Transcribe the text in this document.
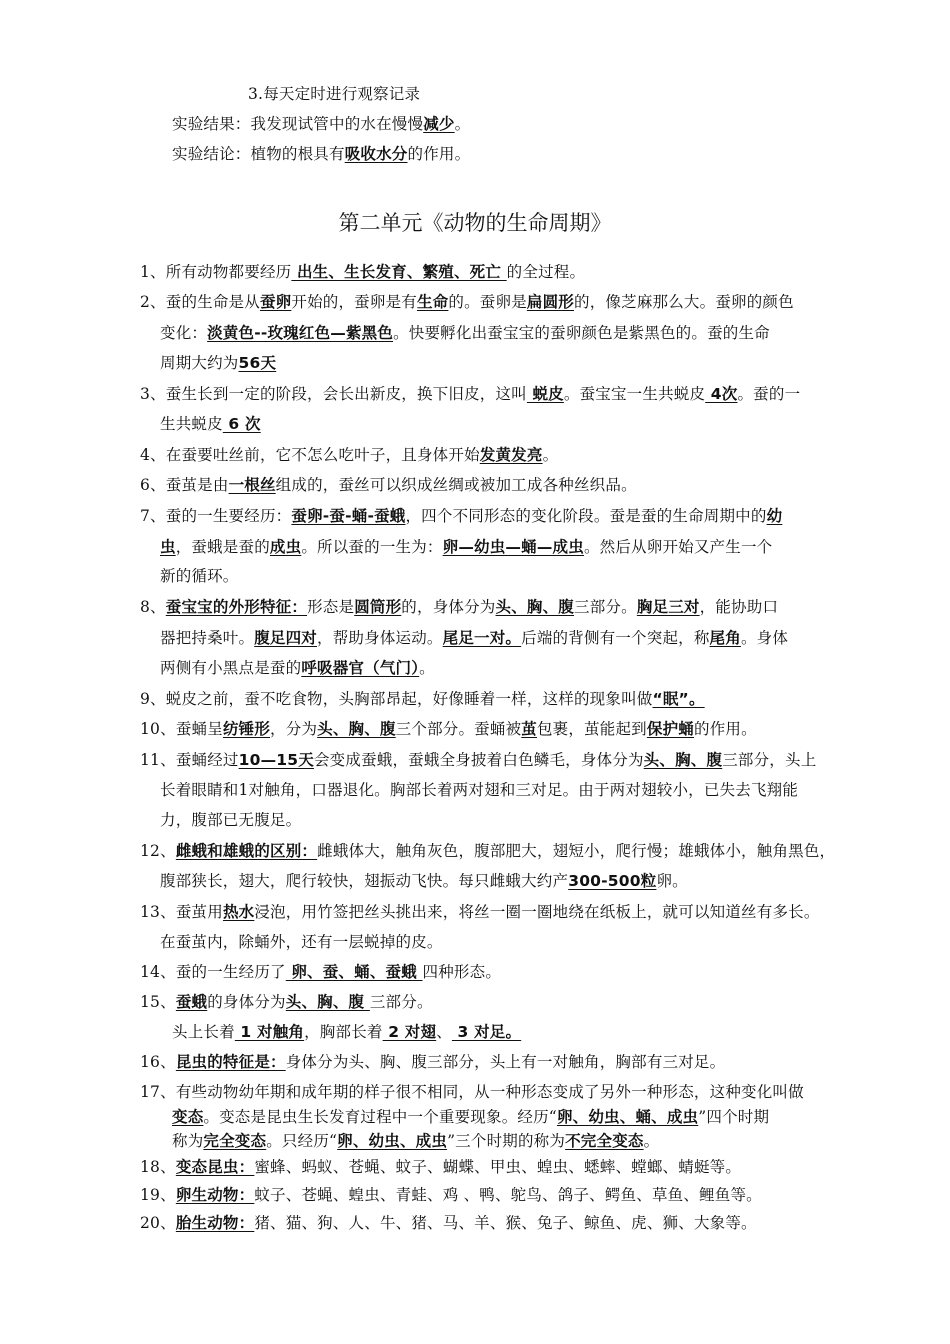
3.每天定时进行观察记录
实验结果：我发现试管中的水在慢慢减少。
实验结论：植物的根具有吸收水分的作用。
第二单元《动物的生命周期》
1、所有动物都要经历 出生、生长发育、繁殖、死亡 的全过程。
2、蚕的生命是从蚕卵开始的，蚕卵是有生命的。蚕卵是扁圆形的，像芝麻那么大。蚕卵的颜色
变化：淡黄色--玫瑰红色—紫黑色。快要孵化出蚕宝宝的蚕卵颜色是紫黑色的。蚕的生命
周期大约为56天
3、蚕生长到一定的阶段，会长出新皮，换下旧皮，这叫 蜕皮。蚕宝宝一生共蜕皮 4次。蚕的一
生共蜕皮 6 次
4、在蚕要吐丝前，它不怎么吃叶子，且身体开始发黄发亮。
6、蚕茧是由一根丝组成的，蚕丝可以织成丝绸或被加工成各种丝织品。
7、蚕的一生要经历：蚕卵-蚕-蛹-蚕蛾，四个不同形态的变化阶段。蚕是蚕的生命周期中的幼
虫，蚕蛾是蚕的成虫。所以蚕的一生为：卵—幼虫—蛹—成虫。然后从卵开始又产生一个
新的循环。
8、蚕宝宝的外形特征：形态是圆筒形的，身体分为头、胸、腹三部分。胸足三对，能协助口
器把持桑叶。腹足四对，帮助身体运动。尾足一对。后端的背侧有一个突起，称尾角。身体
两侧有小黑点是蚕的呼吸器官（气门）。
9、蜕皮之前，蚕不吃食物，头胸部昂起，好像睡着一样，这样的现象叫做“眠”。
10、蚕蛹呈纺锤形，分为头、胸、腹三个部分。蚕蛹被茧包裹，茧能起到保护蛹的作用。
11、蚕蛹经过10—15天会变成蚕蛾，蚕蛾全身披着白色鳞毛，身体分为头、胸、腹三部分，头上
长着眼睛和1对触角，口器退化。胸部长着两对翅和三对足。由于两对翅较小，已失去飞翔能
力，腹部已无腹足。
12、雌蛾和雄蛾的区别：雌蛾体大，触角灰色，腹部肥大，翅短小，爬行慢；雄蛾体小，触角黑色，
腹部狭长，翅大，爬行较快，翅振动飞快。每只雌蛾大约产300-500粒卵。
13、蚕茧用热水浸泡，用竹签把丝头挑出来，将丝一圈一圈地绕在纸板上，就可以知道丝有多长。
在蚕茧内，除蛹外，还有一层蜕掉的皮。
14、蚕的一生经历了 卵、蚕、蛹、蚕蛾 四种形态。
15、蚕蛾的身体分为头、胸、腹 三部分。
头上长着 1 对触角，胸部长着 2 对翅、 3 对足。
16、昆虫的特征是：身体分为头、胸、腹三部分，头上有一对触角，胸部有三对足。
17、有些动物幼年期和成年期的样子很不相同，从一种形态变成了另外一种形态，这种变化叫做
变态。变态是昆虫生长发育过程中一个重要现象。经历“卵、幼虫、蛹、成虫”四个时期
称为完全变态。只经历“卵、幼虫、成虫”三个时期的称为不完全变态。
18、变态昆虫：蜜蜂、蚂蚁、苍蝇、蚊子、蝴蝶、甲虫、蝗虫、蟋蟀、螳螂、蜻蜓等。
19、卵生动物：蚊子、苍蝇、蝗虫、青蛙、鸡 、鸭、鸵鸟、鸽子、鳄鱼、草鱼、鲤鱼等。
20、胎生动物：猪、猫、狗、人、牛、猪、马、羊、猴、兔子、鲸鱼、虎、狮、大象等。
